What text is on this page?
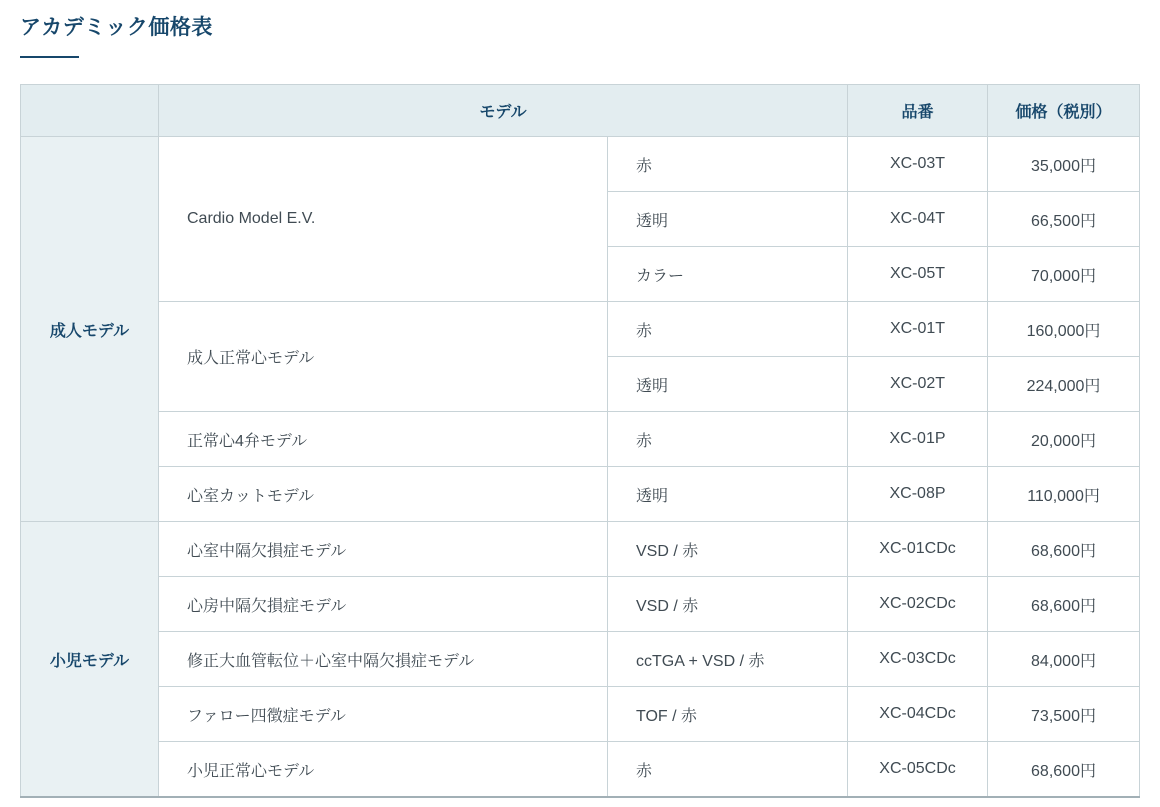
アカデミック価格表
	モデル		品番	価格（税別）
成人モデル	Cardio Model E.V.	赤	XC-03T	35,000円
		透明	XC-04T	66,500円
		カラー	XC-05T	70,000円
	成人正常心モデル	赤	XC-01T	160,000円
		透明	XC-02T	224,000円
	正常心4弁モデル	赤	XC-01P	20,000円
	心室カットモデル	透明	XC-08P	110,000円
小児モデル	心室中隔欠損症モデル	VSD / 赤	XC-01CDc	68,600円
	心房中隔欠損症モデル	VSD / 赤	XC-02CDc	68,600円
	修正大血管転位＋心室中隔欠損症モデル	ccTGA + VSD / 赤	XC-03CDc	84,000円
	ファロー四徴症モデル	TOF / 赤	XC-04CDc	73,500円
	小児正常心モデル	赤	XC-05CDc	68,600円
